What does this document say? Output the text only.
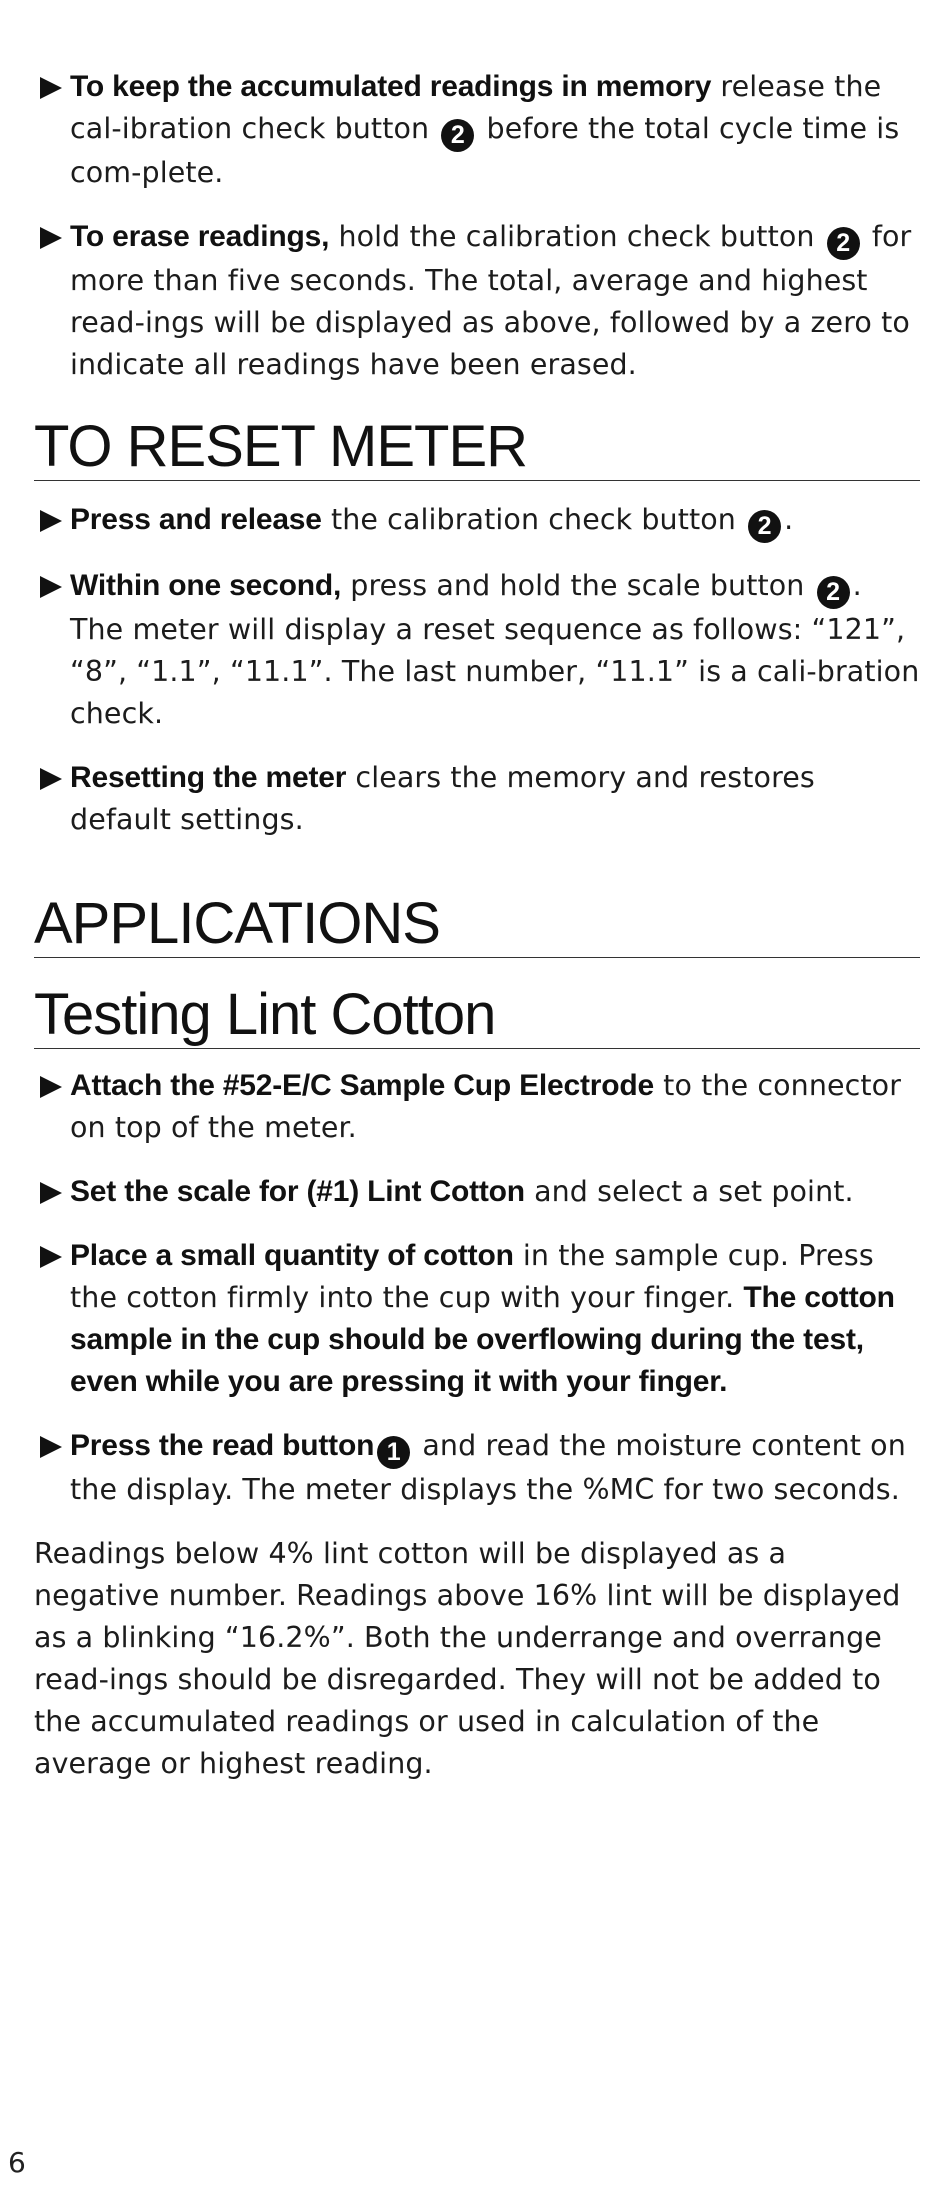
To keep the accumulated readings in memory release the cal-ibration check button 2 before the total cycle time is com-plete.

To erase readings, hold the calibration check button 2 for more than five seconds. The total, average and highest read-ings will be displayed as above, followed by a zero to indicate all readings have been erased.

TO RESET METER

Press and release the calibration check button 2 .

Within one second, press and hold the scale button 2 . The meter will display a reset sequence as follows: “121”, “8”, “1.1”, “11.1”. The last number, “11.1” is a cali-bration check.

Resetting the meter clears the memory and restores default settings.

APPLICATIONS
Testing Lint Cotton

Attach the #52-E/C Sample Cup Electrode to the connector on top of the meter.

Set the scale for (#1) Lint Cotton and select a set point.

Place a small quantity of cotton in the sample cup. Press the cotton firmly into the cup with your finger. The cotton sample in the cup should be overflowing during the test, even while you are pressing it with your finger.

Press the read button 1 and read the moisture content on the display. The meter displays the %MC for two seconds.

Readings below 4% lint cotton will be displayed as a negative number. Readings above 16% lint will be displayed as a blinking “16.2%”. Both the underrange and overrange read-ings should be disregarded. They will not be added to the accumulated readings or used in calculation of the average or highest reading.

6
